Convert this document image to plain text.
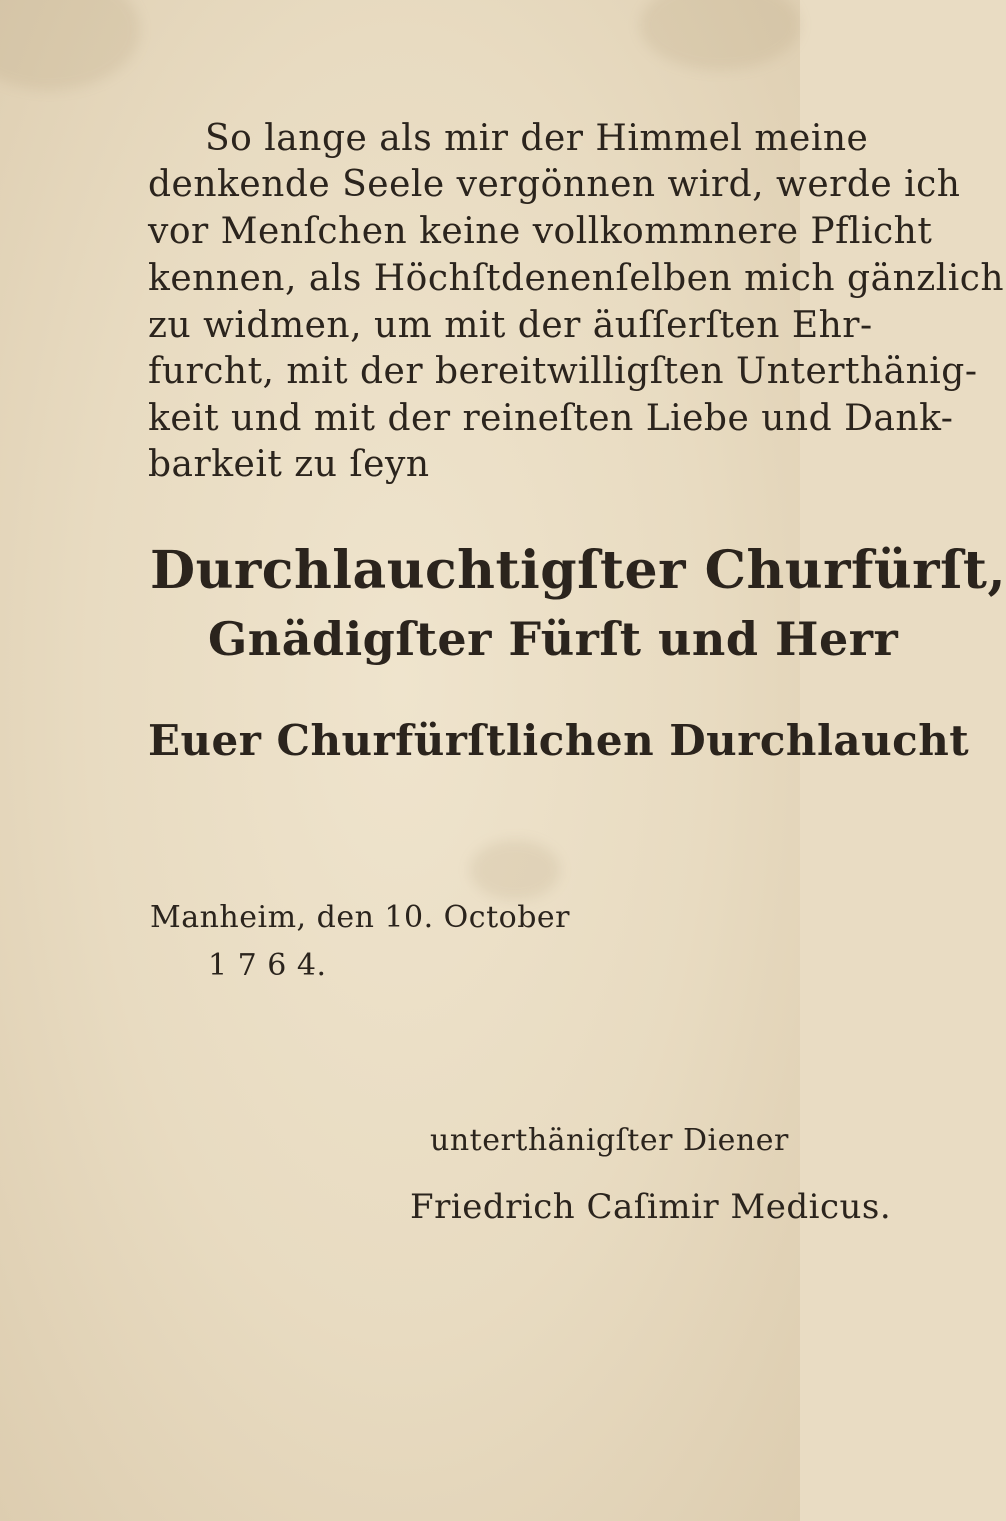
So lange als mir der Himmel meine
denkende Seele vergönnen wird, werde ich
vor Menſchen keine vollkommnere Pflicht
kennen, als Höchſtdenenſelben mich gänzlich
zu widmen, um mit der äuſſerſten Ehr-
furcht, mit der bereitwilligſten Unterthänig-
keit und mit der reineſten Liebe und Dank-
barkeit zu ſeyn
Durchlauchtigſter Churfürſt,
Gnädigſter Fürſt und Herr
Euer Churfürſtlichen Durchlaucht
Manheim, den 10. October
1 7 6 4.
unterthänigſter Diener
Friedrich Caſimir Medicus.
